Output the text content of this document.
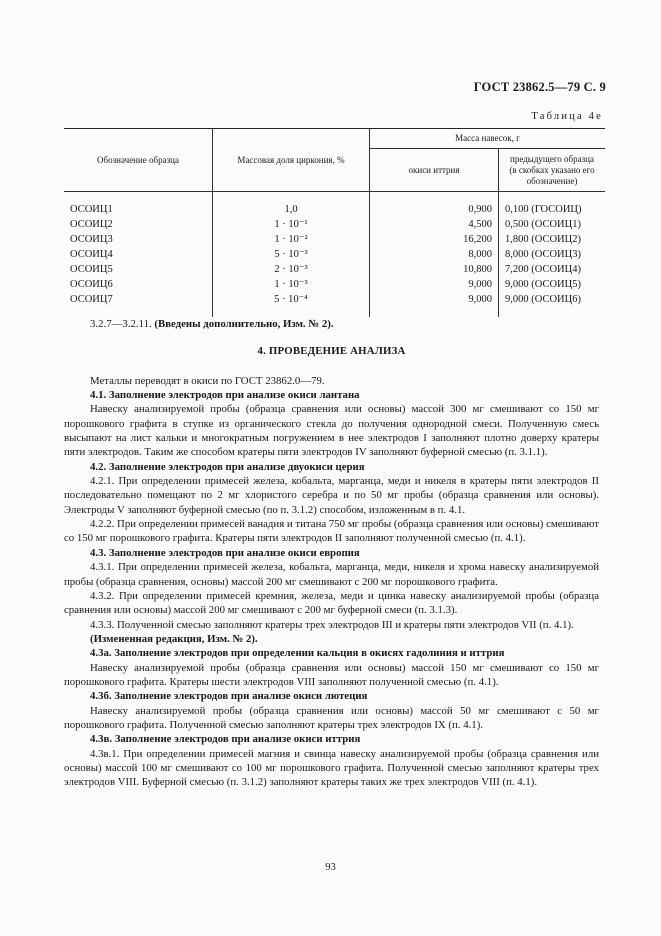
ГОСТ 23862.5—79 С. 9
Таблица 4е
Обозначение образца	Массовая доля циркония, %	Масса навесок, г	
		окиси иттрия	предыдущего образца
(в скобках указано его
обозначение)

ОСОИЦ1	1,0	0,900	0,100 (ГОСОИЦ)
ОСОИЦ2	1 · 10⁻¹	4,500	0,500 (ОСОИЦ1)
ОСОИЦ3	1 · 10⁻²	16,200	1,800 (ОСОИЦ2)
ОСОИЦ4	5 · 10⁻³	8,000	8,000 (ОСОИЦ3)
ОСОИЦ5	2 · 10⁻³	10,800	7,200 (ОСОИЦ4)
ОСОИЦ6	1 · 10⁻³	9,000	9,000 (ОСОИЦ5)
ОСОИЦ7	5 · 10⁻⁴	9,000	9,000 (ОСОИЦ6)

3.2.7—3.2.11. (Введены дополнительно, Изм. № 2).

4. ПРОВЕДЕНИЕ АНАЛИЗА

Металлы переводят в окиси по ГОСТ 23862.0—79.

4.1. Заполнение электродов при анализе окиси лантана

Навеску анализируемой пробы (образца сравнения или основы) массой 300 мг смешивают со 150 мг порошкового графита в ступке из органического стекла до получения однородной смеси. Полученную смесь высыпают на лист кальки и многократным погружением в нее электродов I заполняют плотно доверху кратеры пяти электродов. Таким же способом кратеры пяти электродов IV заполняют буферной смесью (п. 3.1.1).

4.2. Заполнение электродов при анализе двуокиси церия

4.2.1. При определении примесей железа, кобальта, марганца, меди и никеля в кратеры пяти электродов II последовательно помещают по 2 мг хлористого серебра и по 50 мг пробы (образца сравнения или основы). Электроды V заполняют буферной смесью (по п. 3.1.2) способом, изложенным в п. 4.1.

4.2.2. При определении примесей ванадия и титана 750 мг пробы (образца сравнения или основы) смешивают со 150 мг порошкового графита. Кратеры пяти электродов II заполняют полученной смесью (п. 4.1).

4.3. Заполнение электродов при анализе окиси европия

4.3.1. При определении примесей железа, кобальта, марганца, меди, никеля и хрома навеску анализируемой пробы (образца сравнения, основы) массой 200 мг смешивают с 200 мг порошкового графита.

4.3.2. При определении примесей кремния, железа, меди и цинка навеску анализируемой пробы (образца сравнения или основы) массой 200 мг смешивают с 200 мг буферной смеси (п. 3.1.3).

4.3.3. Полученной смесью заполняют кратеры трех электродов III и кратеры пяти электродов VII (п. 4.1).

(Измененная редакция, Изм. № 2).

4.3а. Заполнение электродов при определении кальция в окисях гадолиния и иттрия

Навеску анализируемой пробы (образца сравнения или основы) массой 150 мг смешивают со 150 мг порошкового графита. Кратеры шести электродов VIII заполняют полученной смесью (п. 4.1).

4.3б. Заполнение электродов при анализе окиси лютеция

Навеску анализируемой пробы (образца сравнения или основы) массой 50 мг смешивают с 50 мг порошкового графита. Полученной смесью заполняют кратеры трех электродов IX (п. 4.1).

4.3в. Заполнение электродов при анализе окиси иттрия

4.3в.1. При определении примесей магния и свинца навеску анализируемой пробы (образца сравнения или основы) массой 100 мг смешивают со 100 мг порошкового графита. Полученной смесью заполняют кратеры трех электродов VIII. Буферной смесью (п. 3.1.2) заполняют кратеры таких же трех электродов VIII (п. 4.1).

93
